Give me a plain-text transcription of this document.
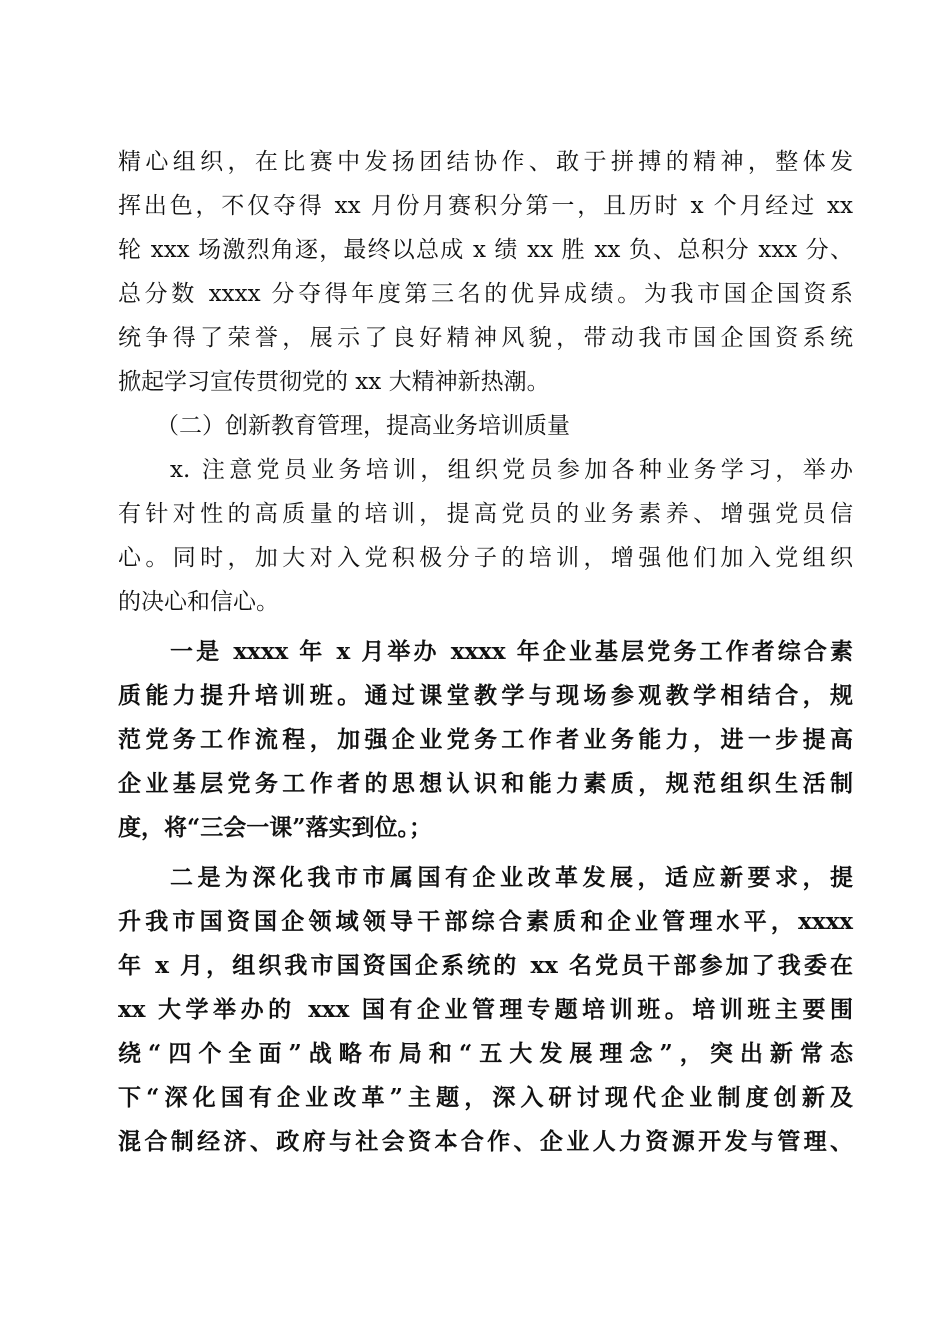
精心组织，在比赛中发扬团结协作、敢于拼搏的精神，整体发
挥出色，不仅夺得 xx 月份月赛积分第一，且历时 x 个月经过 xx
轮 xxx 场激烈角逐，最终以总成 x 绩 xx 胜 xx 负、总积分 xxx 分、
总分数 xxxx 分夺得年度第三名的优异成绩。为我市国企国资系
统争得了荣誉，展示了良好精神风貌，带动我市国企国资系统
掀起学习宣传贯彻党的 xx 大精神新热潮。
（二）创新教育管理，提高业务培训质量
x. 注意党员业务培训，组织党员参加各种业务学习，举办
有针对性的高质量的培训，提高党员的业务素养、增强党员信
心。同时，加大对入党积极分子的培训，增强他们加入党组织
的决心和信心。
一是 xxxx 年 x 月举办 xxxx 年企业基层党务工作者综合素
质能力提升培训班。通过课堂教学与现场参观教学相结合，规
范党务工作流程，加强企业党务工作者业务能力，进一步提高
企业基层党务工作者的思想认识和能力素质，规范组织生活制
度，将“三会一课”落实到位。；
二是为深化我市市属国有企业改革发展，适应新要求，提
升我市国资国企领域领导干部综合素质和企业管理水平，xxxx
年 x 月，组织我市国资国企系统的 xx 名党员干部参加了我委在
xx 大学举办的 xxx 国有企业管理专题培训班。培训班主要围
绕“四个全面”战略布局和“五大发展理念”，突出新常态
下“深化国有企业改革”主题，深入研讨现代企业制度创新及
混合制经济、政府与社会资本合作、企业人力资源开发与管理、
